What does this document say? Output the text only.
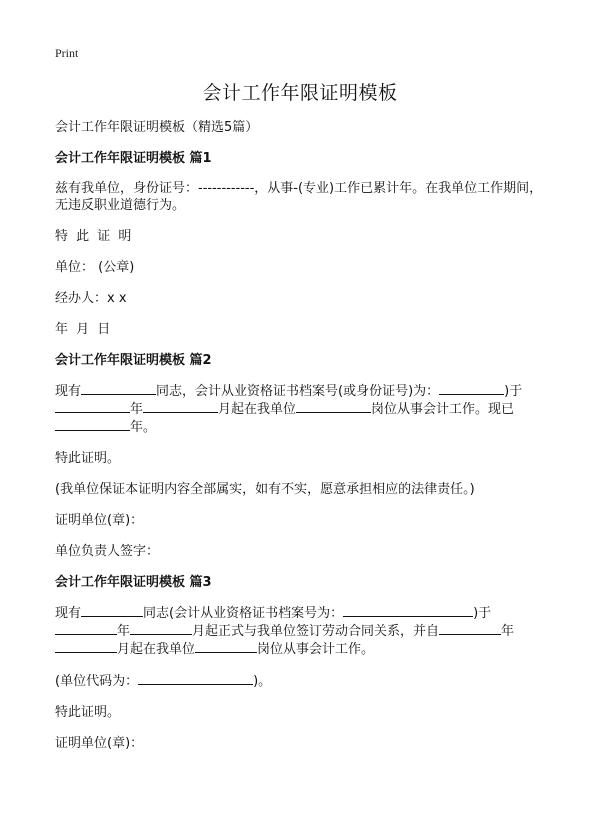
Print
会计工作年限证明模板

会计工作年限证明模板（精选5篇）

会计工作年限证明模板 篇1

兹有我单位，身份证号：------------，从事-(专业)工作已累计年。在我单位工作期间，无违反职业道德行为。

特 此 证 明

单位： (公章)

经办人：x x

年 月 日

会计工作年限证明模板 篇2

现有	同志，会计从业资格证书档案号(或身份证号)为：	)于
年	月起在我单位	岗位从事会计工作。现已
年。

特此证明。

(我单位保证本证明内容全部属实，如有不实，愿意承担相应的法律责任。)

证明单位(章)：

单位负责人签字：

会计工作年限证明模板 篇3

现有	同志(会计从业资格证书档案号为：	)于
年	月起正式与我单位签订劳动合同关系，并自	年
月起在我单位	岗位从事会计工作。

(单位代码为：	)。

特此证明。

证明单位(章)：
